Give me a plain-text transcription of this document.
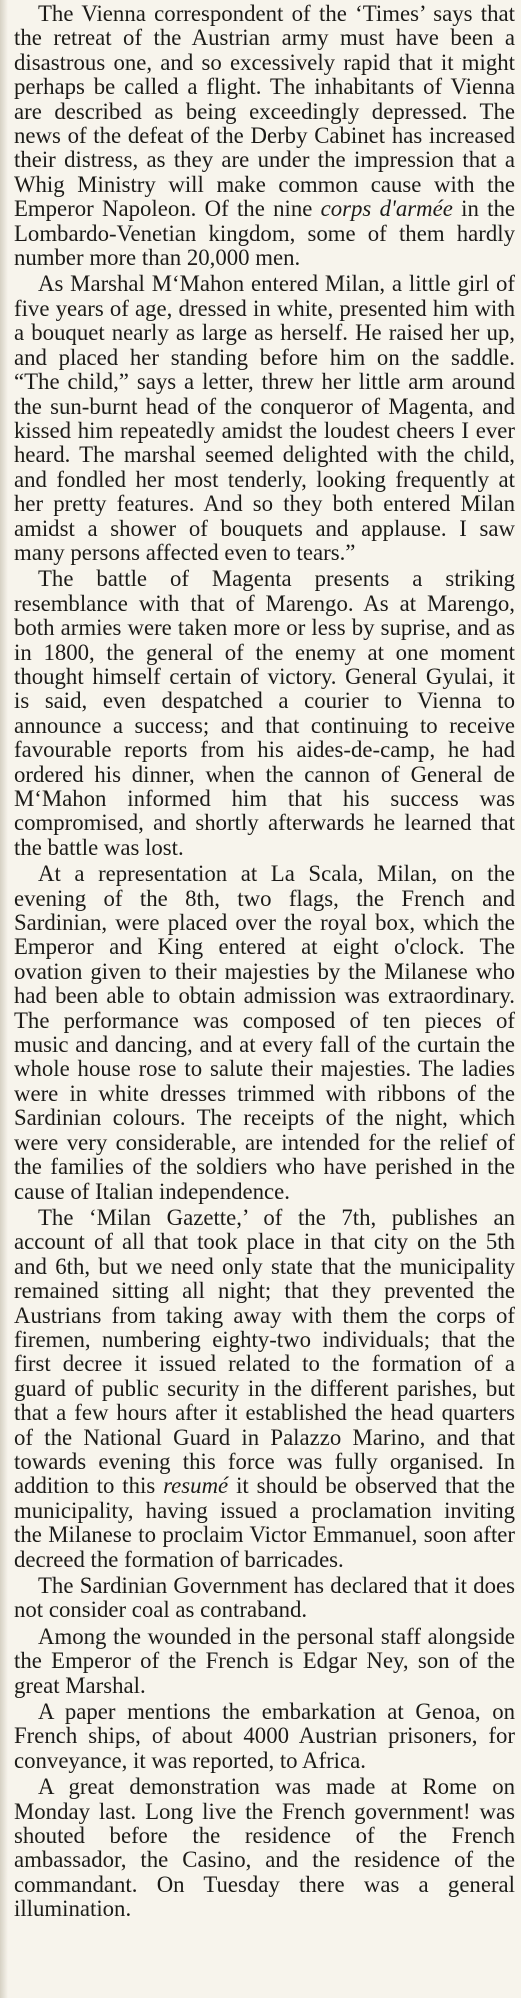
The Vienna correspondent of the ‘Times’ says that the retreat of the Austrian army must have been a disastrous one, and so excessively rapid that it might perhaps be called a flight. The inhabitants of Vienna are described as being exceedingly depressed. The news of the defeat of the Derby Cabinet has increased their distress, as they are under the impression that a Whig Ministry will make common cause with the Emperor Napoleon. Of the nine corps d'armée in the Lombardo-Venetian kingdom, some of them hardly number more than 20,000 men.

As Marshal M‘Mahon entered Milan, a little girl of five years of age, dressed in white, presented him with a bouquet nearly as large as herself. He raised her up, and placed her standing before him on the saddle. “The child,” says a letter, threw her little arm around the sun-burnt head of the conqueror of Magenta, and kissed him repeatedly amidst the loudest cheers I ever heard. The marshal seemed delighted with the child, and fondled her most tenderly, looking frequently at her pretty features. And so they both entered Milan amidst a shower of bouquets and applause. I saw many persons affected even to tears.”

The battle of Magenta presents a striking resemblance with that of Marengo. As at Marengo, both armies were taken more or less by suprise, and as in 1800, the general of the enemy at one moment thought himself certain of victory. General Gyulai, it is said, even despatched a courier to Vienna to announce a success; and that continuing to receive favourable reports from his aides-de-camp, he had ordered his dinner, when the cannon of General de M‘Mahon informed him that his success was compromised, and shortly afterwards he learned that the battle was lost.

At a representation at La Scala, Milan, on the evening of the 8th, two flags, the French and Sardinian, were placed over the royal box, which the Emperor and King entered at eight o'clock. The ovation given to their majesties by the Milanese who had been able to obtain admission was extraordinary. The performance was composed of ten pieces of music and dancing, and at every fall of the curtain the whole house rose to salute their majesties. The ladies were in white dresses trimmed with ribbons of the Sardinian colours. The receipts of the night, which were very considerable, are intended for the relief of the families of the soldiers who have perished in the cause of Italian independence.

The ‘Milan Gazette,’ of the 7th, publishes an account of all that took place in that city on the 5th and 6th, but we need only state that the municipality remained sitting all night; that they prevented the Austrians from taking away with them the corps of firemen, numbering eighty-two individuals; that the first decree it issued related to the formation of a guard of public security in the different parishes, but that a few hours after it established the head quarters of the National Guard in Palazzo Marino, and that towards evening this force was fully organised. In addition to this resumé it should be observed that the municipality, having issued a proclamation inviting the Milanese to proclaim Victor Emmanuel, soon after decreed the formation of barricades.

The Sardinian Government has declared that it does not consider coal as contraband.

Among the wounded in the personal staff alongside the Emperor of the French is Edgar Ney, son of the great Marshal.

A paper mentions the embarkation at Genoa, on French ships, of about 4000 Austrian prisoners, for conveyance, it was reported, to Africa.

A great demonstration was made at Rome on Monday last. Long live the French government! was shouted before the residence of the French ambassador, the Casino, and the residence of the commandant. On Tuesday there was a general illumination.
